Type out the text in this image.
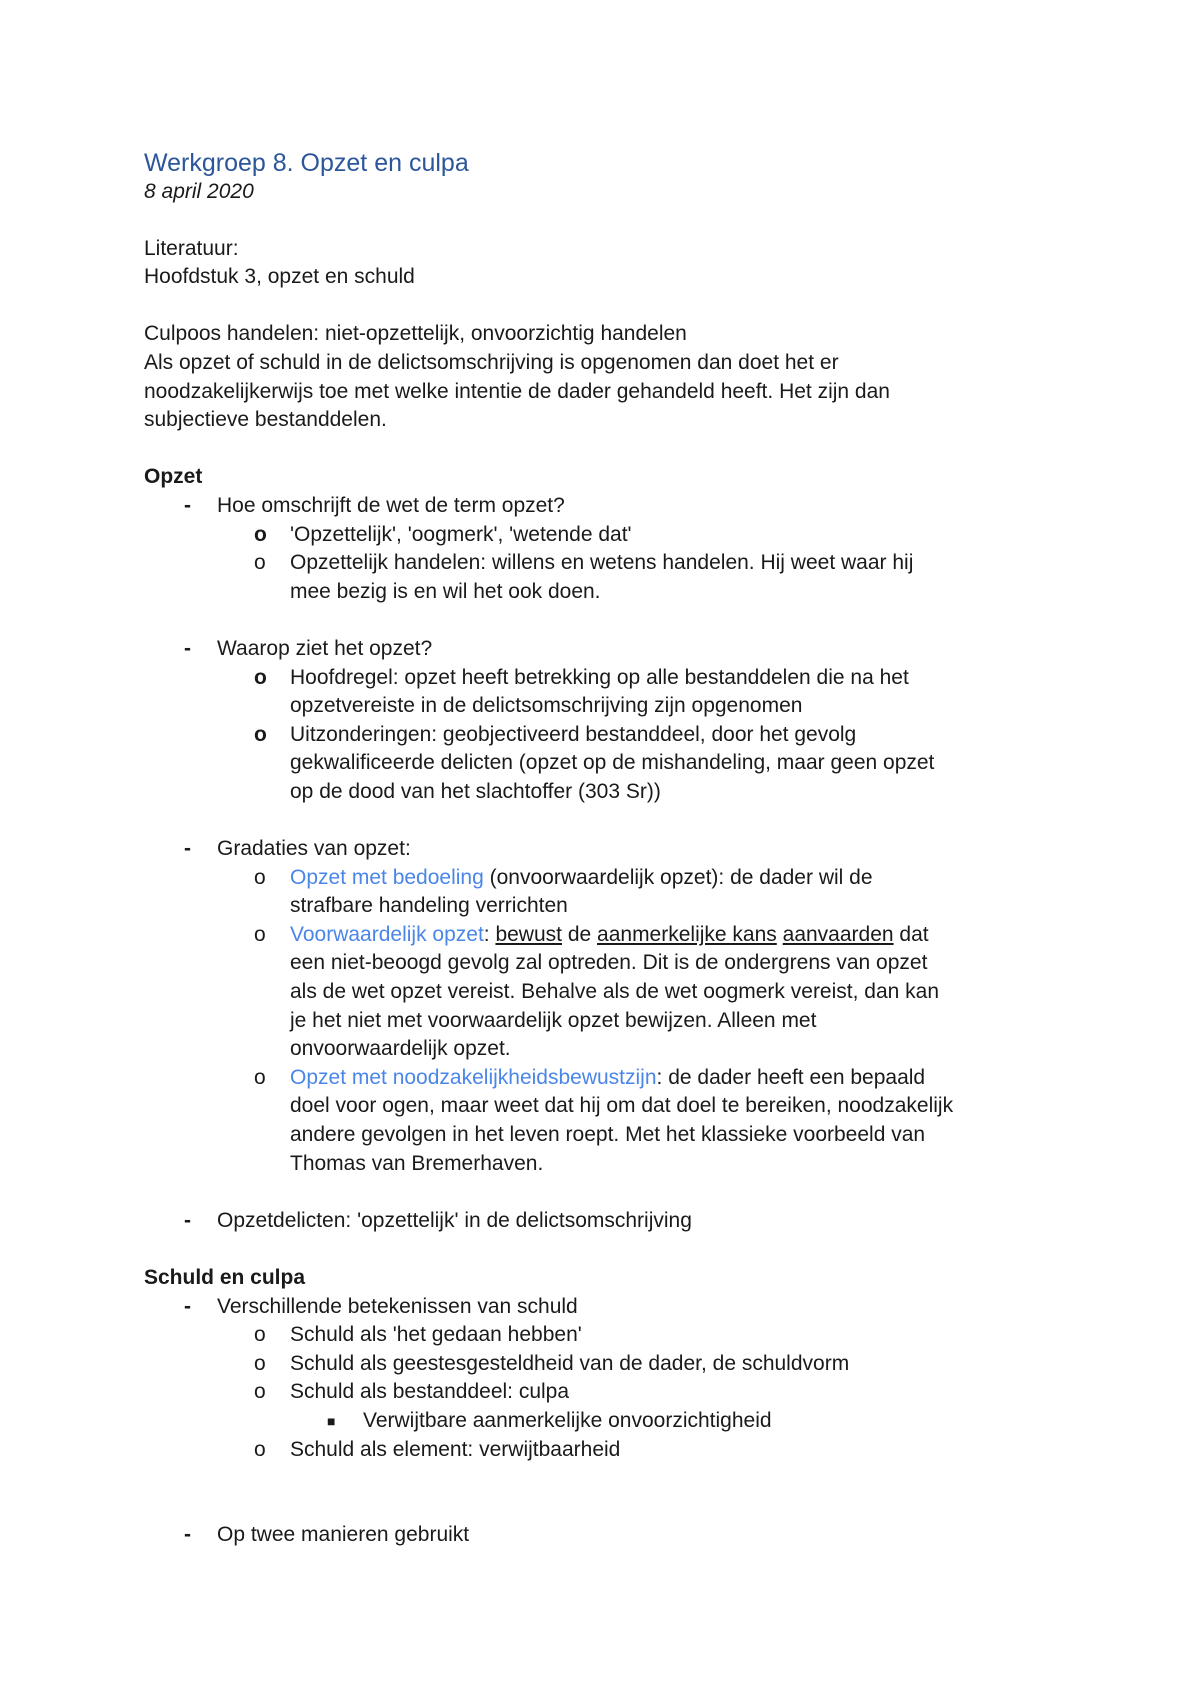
Werkgroep 8. Opzet en culpa

8 april 2020

Literatuur:

Hoofdstuk 3, opzet en schuld

Culpoos handelen: niet-opzettelijk, onvoorzichtig handelen

Als opzet of schuld in de delictsomschrijving is opgenomen dan doet het er

noodzakelijkerwijs toe met welke intentie de dader gehandeld heeft. Het zijn dan

subjectieve bestanddelen.

Opzet

- Hoe omschrijft de wet de term opzet?
o 'Opzettelijk', 'oogmerk', 'wetende dat'
o Opzettelijk handelen: willens en wetens handelen. Hij weet waar hij
mee bezig is en wil het ook doen.
- Waarop ziet het opzet?
o Hoofdregel: opzet heeft betrekking op alle bestanddelen die na het
opzetvereiste in de delictsomschrijving zijn opgenomen
o Uitzonderingen: geobjectiveerd bestanddeel, door het gevolg
gekwalificeerde delicten (opzet op de mishandeling, maar geen opzet
op de dood van het slachtoffer (303 Sr))
- Gradaties van opzet:
o Opzet met bedoeling (onvoorwaardelijk opzet): de dader wil de
strafbare handeling verrichten
o Voorwaardelijk opzet: bewust de aanmerkelijke kans aanvaarden dat
een niet-beoogd gevolg zal optreden. Dit is de ondergrens van opzet
als de wet opzet vereist. Behalve als de wet oogmerk vereist, dan kan
je het niet met voorwaardelijk opzet bewijzen. Alleen met
onvoorwaardelijk opzet.
o Opzet met noodzakelijkheidsbewustzijn: de dader heeft een bepaald
doel voor ogen, maar weet dat hij om dat doel te bereiken, noodzakelijk
andere gevolgen in het leven roept. Met het klassieke voorbeeld van
Thomas van Bremerhaven.
- Opzetdelicten: 'opzettelijk' in de delictsomschrijving

Schuld en culpa

- Verschillende betekenissen van schuld
o Schuld als 'het gedaan hebben'
o Schuld als geestesgesteldheid van de dader, de schuldvorm
o Schuld als bestanddeel: culpa
■ Verwijtbare aanmerkelijke onvoorzichtigheid
o Schuld als element: verwijtbaarheid
- Op twee manieren gebruikt
